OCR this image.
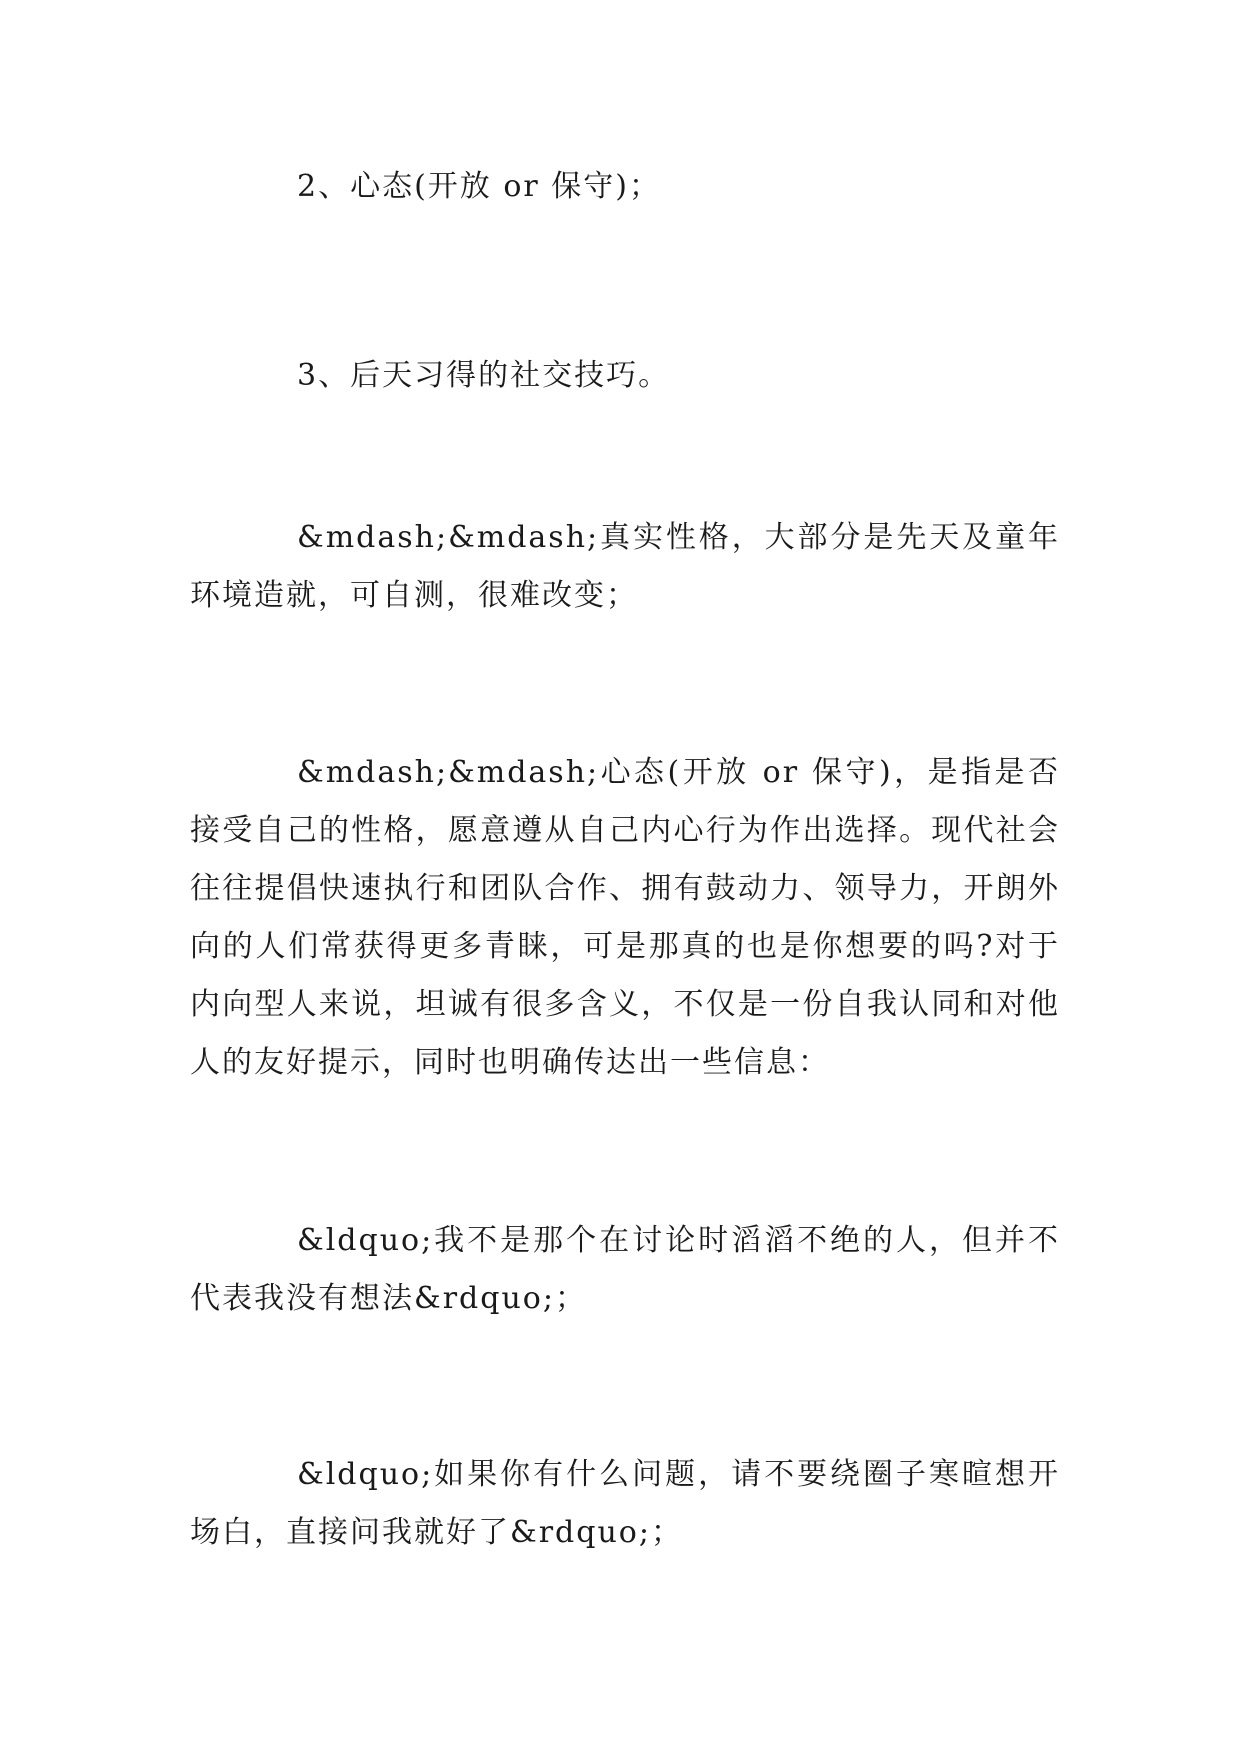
2、心态(开放 or 保守)；

3、后天习得的社交技巧。

&mdash;&mdash;真实性格，大部分是先天及童年环境造就，可自测，很难改变；

&mdash;&mdash;心态(开放 or 保守)，是指是否接受自己的性格，愿意遵从自己内心行为作出选择。现代社会往往提倡快速执行和团队合作、拥有鼓动力、领导力，开朗外向的人们常获得更多青睐，可是那真的也是你想要的吗?对于内向型人来说，坦诚有很多含义，不仅是一份自我认同和对他人的友好提示，同时也明确传达出一些信息：

&ldquo;我不是那个在讨论时滔滔不绝的人，但并不代表我没有想法&rdquo;；

&ldquo;如果你有什么问题，请不要绕圈子寒暄想开场白，直接问我就好了&rdquo;；
